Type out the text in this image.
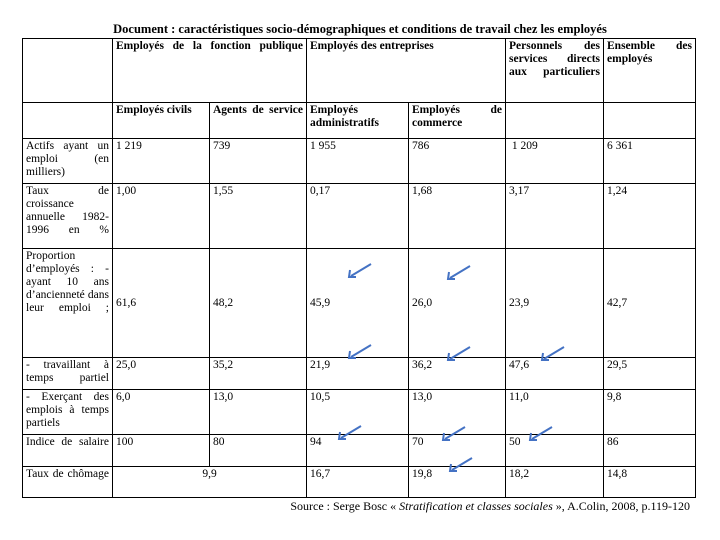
Document : caractéristiques socio-démographiques et conditions de travail chez les employés

	Employés de la fonction publique		Employés des entreprises		Personnels des services directs aux particuliers	Ensemble des employés

	Employés civils	Agents de service	Employés administratifs	Employés de commerce		

Actifs ayant un emploi (en milliers)	1 219	739	1 955	786	1 209	6 361

Taux de croissance annuelle 1982-1996 en %	1,00	1,55	0,17	1,68	3,17	1,24

Proportion d’employés : - ayant 10 ans d’ancienneté dans leur emploi ;	61,6	48,2	45,9	26,0	23,9	42,7

- travaillant à temps partiel	25,0	35,2	21,9	36,2	47,6	29,5

- Exerçant des emplois à temps partiels	6,0	13,0	10,5	13,0	11,0	9,8

Indice de salaire	100	80	94	70	50	86

Taux de chômage	9,9		16,7	19,8	18,2	14,8
Source : Serge Bosc « Stratification et classes sociales », A.Colin, 2008, p.119-120
